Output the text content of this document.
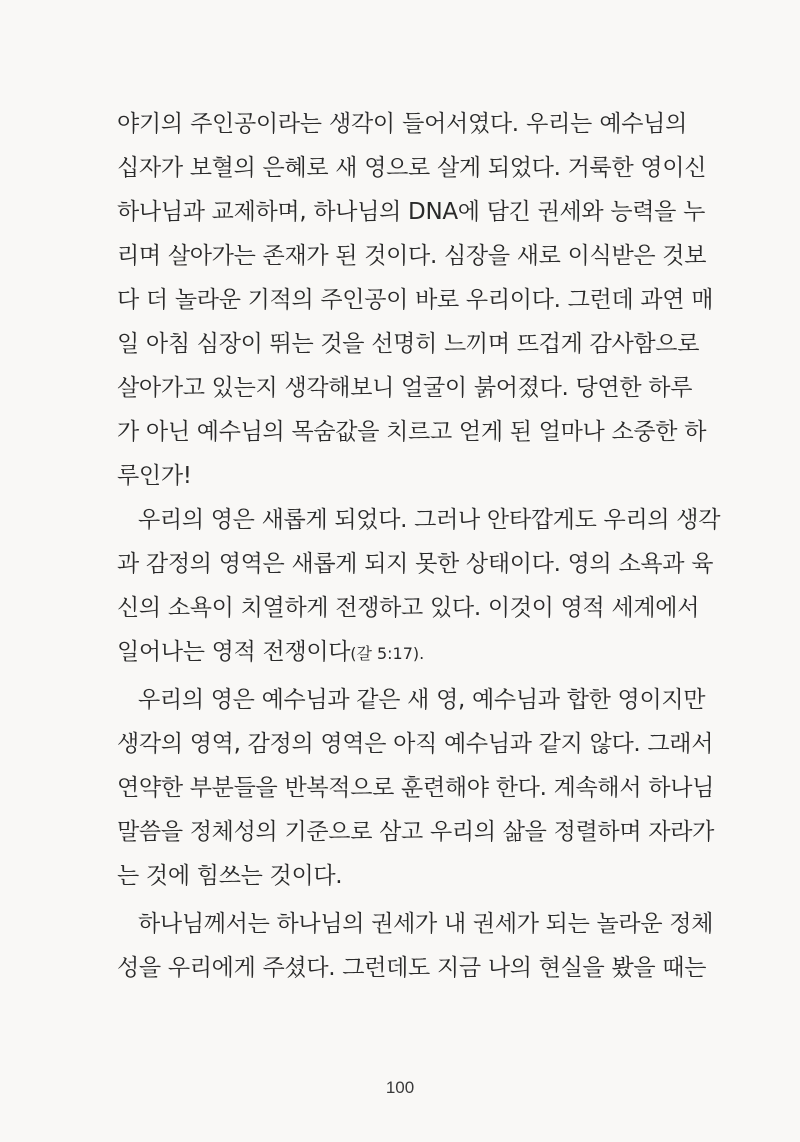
야기의 주인공이라는 생각이 들어서였다. 우리는 예수님의
십자가 보혈의 은혜로 새 영으로 살게 되었다. 거룩한 영이신
하나님과 교제하며, 하나님의 DNA에 담긴 권세와 능력을 누
리며 살아가는 존재가 된 것이다. 심장을 새로 이식받은 것보
다 더 놀라운 기적의 주인공이 바로 우리이다. 그런데 과연 매
일 아침 심장이 뛰는 것을 선명히 느끼며 뜨겁게 감사함으로
살아가고 있는지 생각해보니 얼굴이 붉어졌다. 당연한 하루
가 아닌 예수님의 목숨값을 치르고 얻게 된 얼마나 소중한 하
루인가!
우리의 영은 새롭게 되었다. 그러나 안타깝게도 우리의 생각
과 감정의 영역은 새롭게 되지 못한 상태이다. 영의 소욕과 육
신의 소욕이 치열하게 전쟁하고 있다. 이것이 영적 세계에서
일어나는 영적 전쟁이다(갈 5:17).
우리의 영은 예수님과 같은 새 영, 예수님과 합한 영이지만
생각의 영역, 감정의 영역은 아직 예수님과 같지 않다. 그래서
연약한 부분들을 반복적으로 훈련해야 한다. 계속해서 하나님
말씀을 정체성의 기준으로 삼고 우리의 삶을 정렬하며 자라가
는 것에 힘쓰는 것이다.
하나님께서는 하나님의 권세가 내 권세가 되는 놀라운 정체
성을 우리에게 주셨다. 그런데도 지금 나의 현실을 봤을 때는
100
